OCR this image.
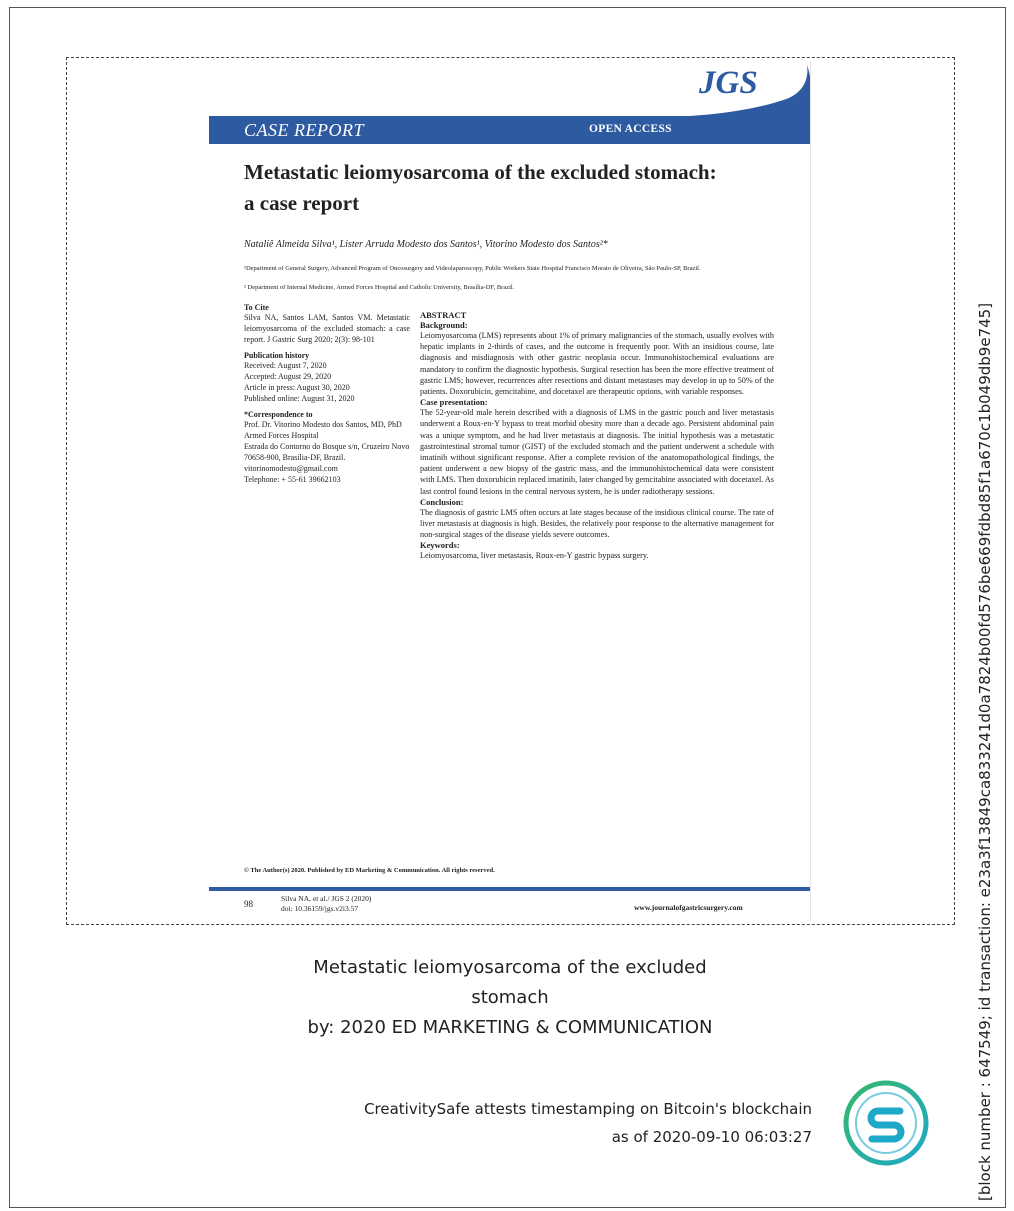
JGS
CASE REPORT	OPEN ACCESS
Metastatic leiomyosarcoma of the excluded stomach:
a case report
Nataliê Almeida Silva¹, Lister Arruda Modesto dos Santos¹, Vitorino Modesto dos Santos²*
¹Department of General Surgery, Advanced Program of Oncosurgery and Videolaparoscopy, Public Workers State Hospital Francisco Morato de Oliveira, São Paulo-SP, Brazil.
² Department of Internal Medicine, Armed Forces Hospital and Catholic University, Brasília-DF, Brazil.
To Cite
Silva NA, Santos LAM, Santos VM. Metastatic leiomyosarcoma of the excluded stomach: a case report. J Gastric Surg 2020; 2(3): 98-101
Publication history
Received: August 7, 2020
Accepted: August 29, 2020
Article in press: August 30, 2020
Published online: August 31, 2020
*Correspondence to
Prof. Dr. Vitorino Modesto dos Santos, MD, PhD
Armed Forces Hospital
Estrada do Contorno do Bosque s/n, Cruzeiro Novo
70658-900, Brasília-DF, Brazil.
vitorinomodesto@gmail.com
Telephone: + 55-61 39662103
ABSTRACT
Background:
Leiomyosarcoma (LMS) represents about 1% of primary malignancies of the stomach, usually evolves with hepatic implants in 2-thirds of cases, and the outcome is frequently poor. With an insidious course, late diagnosis and misdiagnosis with other gastric neoplasia occur. Immunohistochemical evaluations are mandatory to confirm the diagnostic hypothesis. Surgical resection has been the more effective treatment of gastric LMS; however, recurrences after resections and distant metastases may develop in up to 50% of the patients. Doxorubicin, gemcitabine, and docetaxel are therapeutic options, with variable responses.
Case presentation:
The 52-year-old male herein described with a diagnosis of LMS in the gastric pouch and liver metastasis underwent a Roux-en-Y bypass to treat morbid obesity more than a decade ago. Persistent abdominal pain was a unique symptom, and he had liver metastasis at diagnosis. The initial hypothesis was a metastatic gastrointestinal stromal tumor (GIST) of the excluded stomach and the patient underwent a schedule with imatinib without significant response. After a complete revision of the anatomopathological findings, the patient underwent a new biopsy of the gastric mass, and the immunohistochemical data were consistent with LMS. Then doxorubicin replaced imatinib, later changed by gemcitabine associated with docetaxel. As last control found lesions in the central nervous system, he is under radiotherapy sessions.
Conclusion:
The diagnosis of gastric LMS often occurs at late stages because of the insidious clinical course. The rate of liver metastasis at diagnosis is high. Besides, the relatively poor response to the alternative management for non-surgical stages of the disease yields severe outcomes.
Keywords:
Leiomyosarcoma, liver metastasis, Roux-en-Y gastric bypass surgery.
© The Author(s) 2020. Published by ED Marketing & Communication. All rights reserved.
98
Silva NA, et al./ JGS 2 (2020)
doi: 10.36159/jgs.v2i3.57	www.journalofgastricsurgery.com
Metastatic leiomyosarcoma of the excluded
stomach
by: 2020 ED MARKETING & COMMUNICATION
CreativitySafe attests timestamping on Bitcoin's blockchain
as of 2020-09-10 06:03:27	[block number : 647549; id transaction: e23a3f13849ca833241d0a7824b00fd576be669fdbd85f1a670c1b049db9e745]
